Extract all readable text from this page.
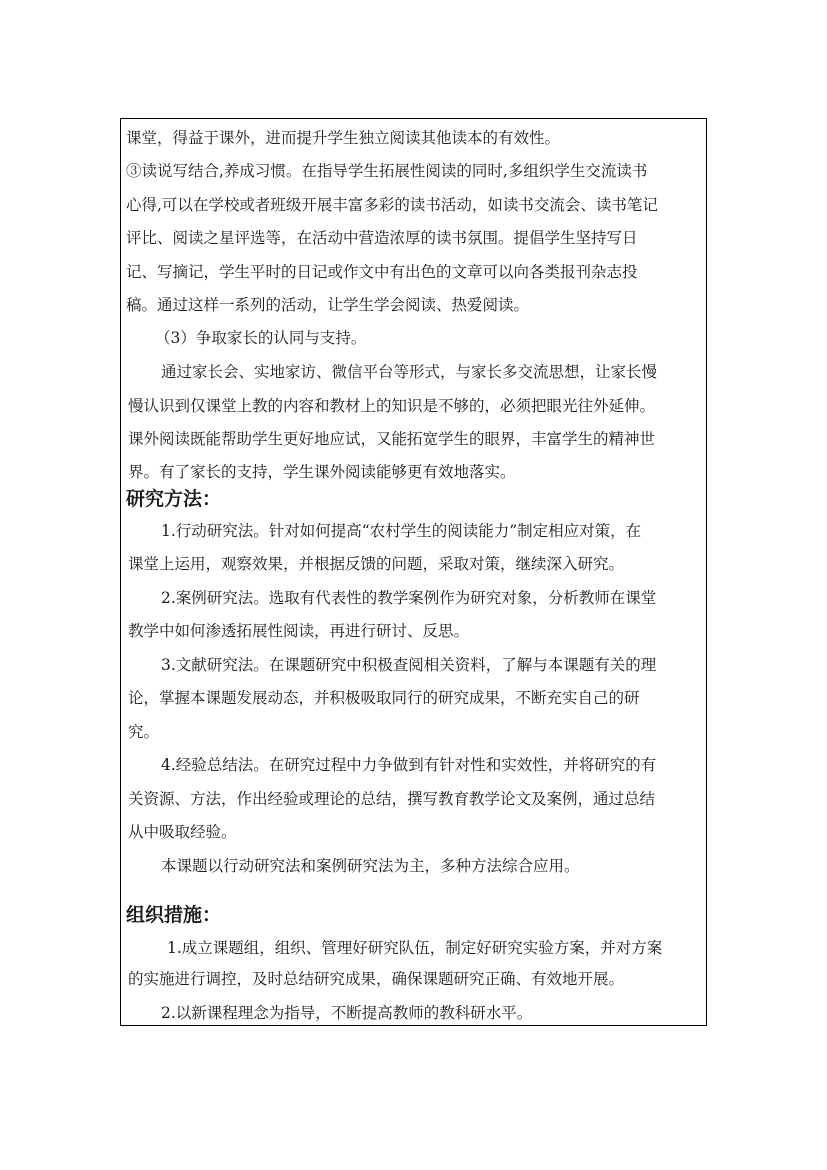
课堂，得益于课外，进而提升学生独立阅读其他读本的有效性。
③读说写结合,养成习惯。在指导学生拓展性阅读的同时,多组织学生交流读书
心得,可以在学校或者班级开展丰富多彩的读书活动，如读书交流会、读书笔记
评比、阅读之星评选等，在活动中营造浓厚的读书氛围。提倡学生坚持写日
记、写摘记，学生平时的日记或作文中有出色的文章可以向各类报刊杂志投
稿。通过这样一系列的活动，让学生学会阅读、热爱阅读。
（3）争取家长的认同与支持。
通过家长会、实地家访、微信平台等形式，与家长多交流思想，让家长慢
慢认识到仅课堂上教的内容和教材上的知识是不够的，必须把眼光往外延伸。
课外阅读既能帮助学生更好地应试，又能拓宽学生的眼界，丰富学生的精神世
界。有了家长的支持，学生课外阅读能够更有效地落实。
研究方法：
1.行动研究法。针对如何提高“农村学生的阅读能力”制定相应对策，在
课堂上运用，观察效果，并根据反馈的问题，采取对策，继续深入研究。
2.案例研究法。选取有代表性的教学案例作为研究对象，分析教师在课堂
教学中如何渗透拓展性阅读，再进行研讨、反思。
3.文献研究法。在课题研究中积极查阅相关资料，了解与本课题有关的理
论，掌握本课题发展动态，并积极吸取同行的研究成果，不断充实自己的研
究。
4.经验总结法。在研究过程中力争做到有针对性和实效性，并将研究的有
关资源、方法，作出经验或理论的总结，撰写教育教学论文及案例，通过总结
从中吸取经验。
本课题以行动研究法和案例研究法为主，多种方法综合应用。
组织措施：
1.成立课题组，组织、管理好研究队伍，制定好研究实验方案，并对方案
的实施进行调控，及时总结研究成果，确保课题研究正确、有效地开展。
2.以新课程理念为指导，不断提高教师的教科研水平。
